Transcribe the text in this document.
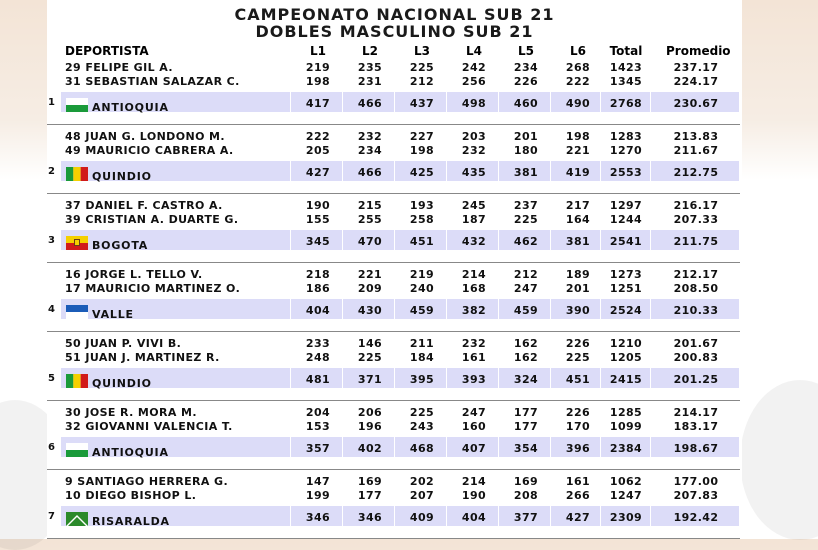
CAMPEONATO NACIONAL SUB 21
DOBLES MASCULINO SUB 21
DEPORTISTA	L1	L2	L3	L4	L5	L6	Total	Promedio
29 FELIPE GIL A.	219	235	225	242	234	268	1423	237.17
31 SEBASTIAN SALAZAR C.	198	231	212	256	226	222	1345	224.17
1	ANTIOQUIA	417	466	437	498	460	490	2768	230.67
48 JUAN G. LONDONO M.	222	232	227	203	201	198	1283	213.83
49 MAURICIO CABRERA A.	205	234	198	232	180	221	1270	211.67
2	QUINDIO	427	466	425	435	381	419	2553	212.75
37 DANIEL F. CASTRO A.	190	215	193	245	237	217	1297	216.17
39 CRISTIAN A. DUARTE G.	155	255	258	187	225	164	1244	207.33
3	BOGOTA	345	470	451	432	462	381	2541	211.75
16 JORGE L. TELLO V.	218	221	219	214	212	189	1273	212.17
17 MAURICIO MARTINEZ O.	186	209	240	168	247	201	1251	208.50
4	VALLE	404	430	459	382	459	390	2524	210.33
50 JUAN P. VIVI B.	233	146	211	232	162	226	1210	201.67
51 JUAN J. MARTINEZ R.	248	225	184	161	162	225	1205	200.83
5	QUINDIO	481	371	395	393	324	451	2415	201.25
30 JOSE R. MORA M.	204	206	225	247	177	226	1285	214.17
32 GIOVANNI VALENCIA T.	153	196	243	160	177	170	1099	183.17
6	ANTIOQUIA	357	402	468	407	354	396	2384	198.67
9 SANTIAGO HERRERA G.	147	169	202	214	169	161	1062	177.00
10 DIEGO BISHOP L.	199	177	207	190	208	266	1247	207.83
7	RISARALDA	346	346	409	404	377	427	2309	192.42
